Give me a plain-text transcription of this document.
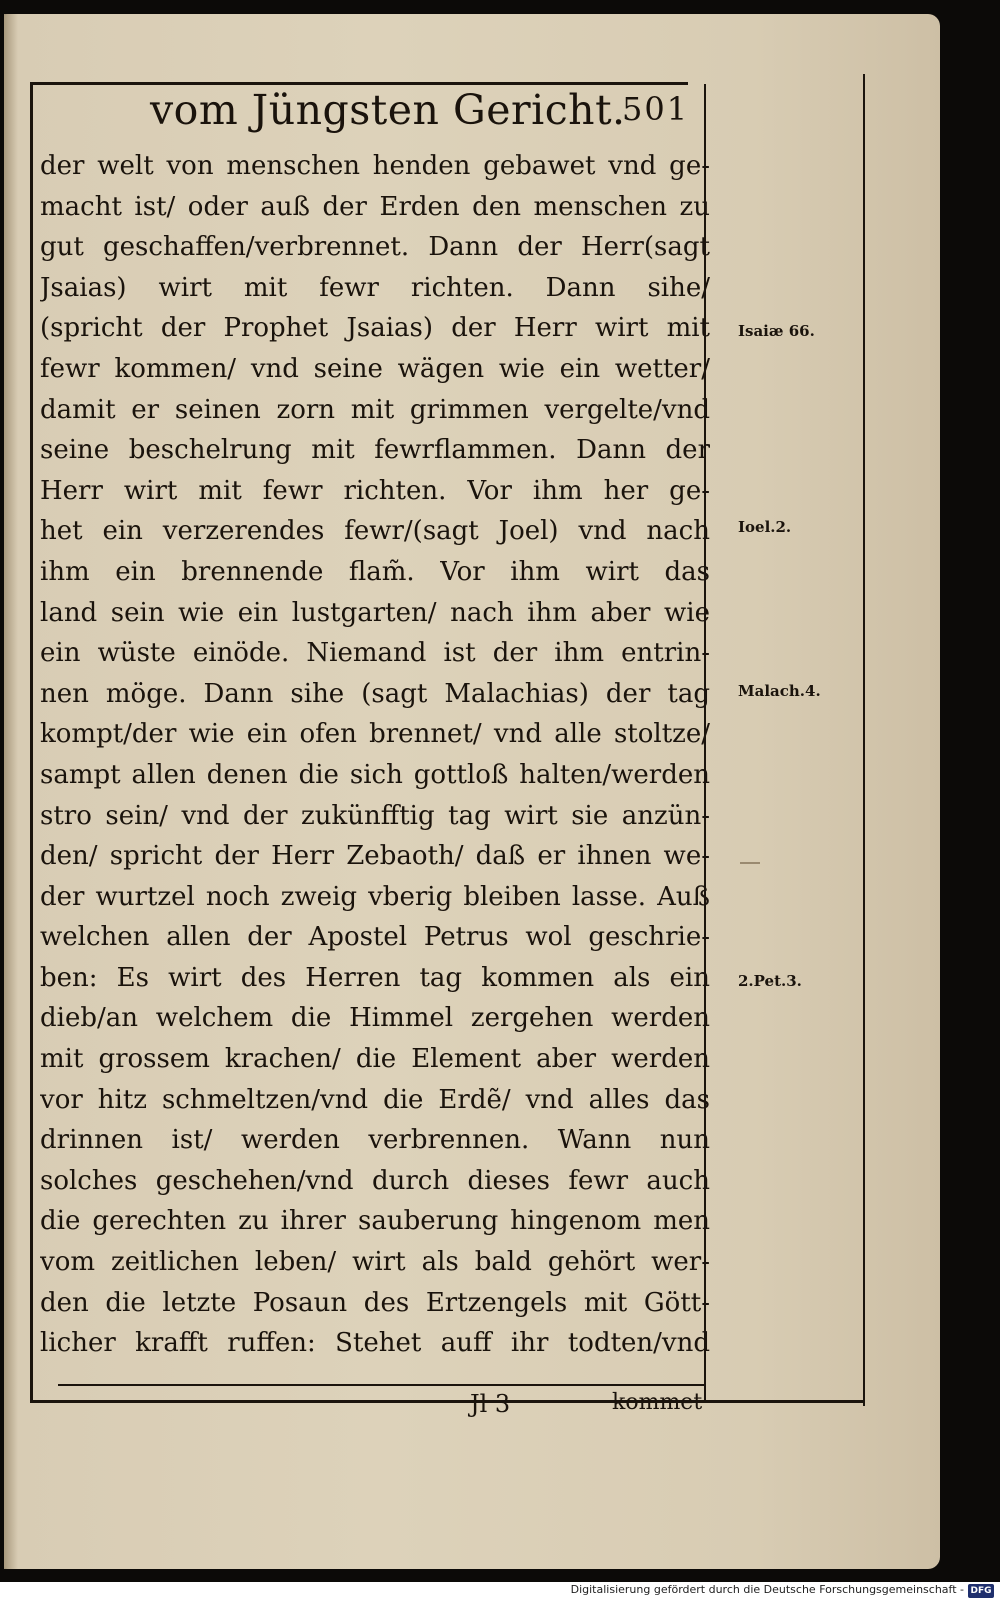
vom Jüngsten Gericht.
501
der welt von menschen henden gebawet vnd ge-
macht ist/ oder auß der Erden den menschen zu
gut geschaffen/verbrennet. Dann der Herr(sagt
Jsaias) wirt mit fewr richten. Dann sihe/
(spricht der Prophet Jsaias) der Herr wirt mit
fewr kommen/ vnd seine wägen wie ein wetter/
damit er seinen zorn mit grimmen vergelte/vnd
seine beschelrung mit fewrflammen. Dann der
Herr wirt mit fewr richten. Vor ihm her ge-
het ein verzerendes fewr/(sagt Joel) vnd nach
ihm ein brennende flam̃. Vor ihm wirt das
land sein wie ein lustgarten/ nach ihm aber wie
ein wüste einöde. Niemand ist der ihm entrin-
nen möge. Dann sihe (sagt Malachias) der tag
kompt/der wie ein ofen brennet/ vnd alle stoltze/
sampt allen denen die sich gottloß halten/werden
stro sein/ vnd der zukünfftig tag wirt sie anzün-
den/ spricht der Herr Zebaoth/ daß er ihnen we-
der wurtzel noch zweig vberig bleiben lasse. Auß
welchen allen der Apostel Petrus wol geschrie-
ben: Es wirt des Herren tag kommen als ein
dieb/an welchem die Himmel zergehen werden
mit grossem krachen/ die Element aber werden
vor hitz schmeltzen/vnd die Erdẽ/ vnd alles das
drinnen ist/ werden verbrennen. Wann nun
solches geschehen/vnd durch dieses fewr auch
die gerechten zu ihrer sauberung hingenom men
vom zeitlichen leben/ wirt als bald gehört wer-
den die letzte Posaun des Ertzengels mit Gött-
licher krafft ruffen: Stehet auff ihr todten/vnd
Isaiæ 66.
Ioel.2.
Malach.4.
2.Pet.3.
Jl 3	kommet
Digitalisierung gefördert durch die Deutsche Forschungsgemeinschaft - DFG
